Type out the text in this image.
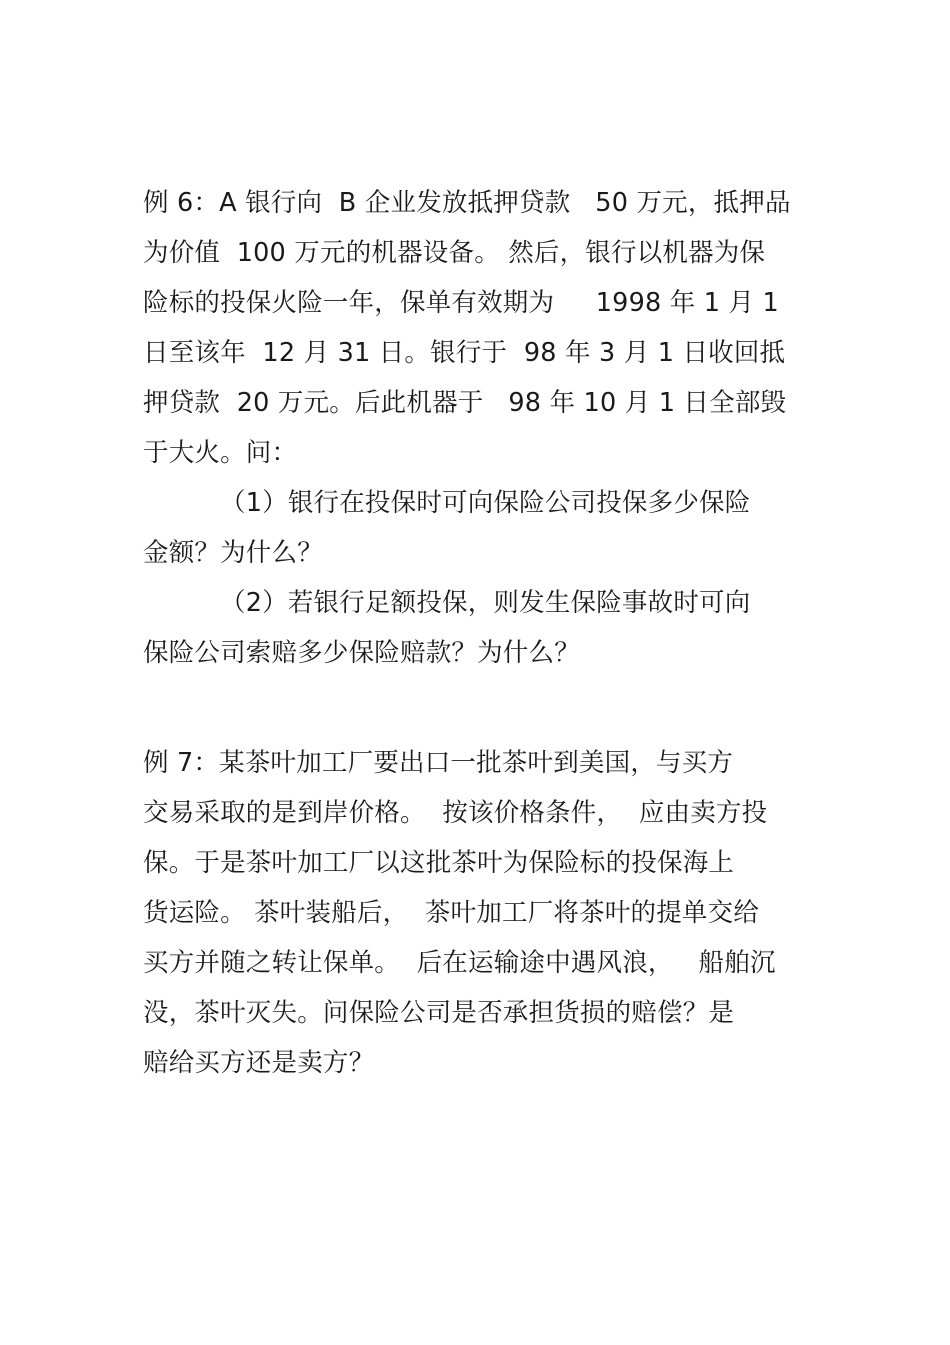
例 6：A 银行向  B 企业发放抵押贷款   50 万元，抵押品
为价值  100 万元的机器设备。 然后，银行以机器为保
险标的投保火险一年，保单有效期为     1998 年 1 月 1
日至该年  12 月 31 日。银行于  98 年 3 月 1 日收回抵
押贷款  20 万元。后此机器于   98 年 10 月 1 日全部毁
于大火。问：
（1）银行在投保时可向保险公司投保多少保险
金额？为什么？
（2）若银行足额投保，则发生保险事故时可向
保险公司索赔多少保险赔款？为什么？
例 7：某茶叶加工厂要出口一批茶叶到美国，与买方
交易采取的是到岸价格。  按该价格条件，  应由卖方投
保。于是茶叶加工厂以这批茶叶为保险标的投保海上
货运险。 茶叶装船后，  茶叶加工厂将茶叶的提单交给
买方并随之转让保单。  后在运输途中遇风浪，   船舶沉
没，茶叶灭失。问保险公司是否承担货损的赔偿？是
赔给买方还是卖方？
